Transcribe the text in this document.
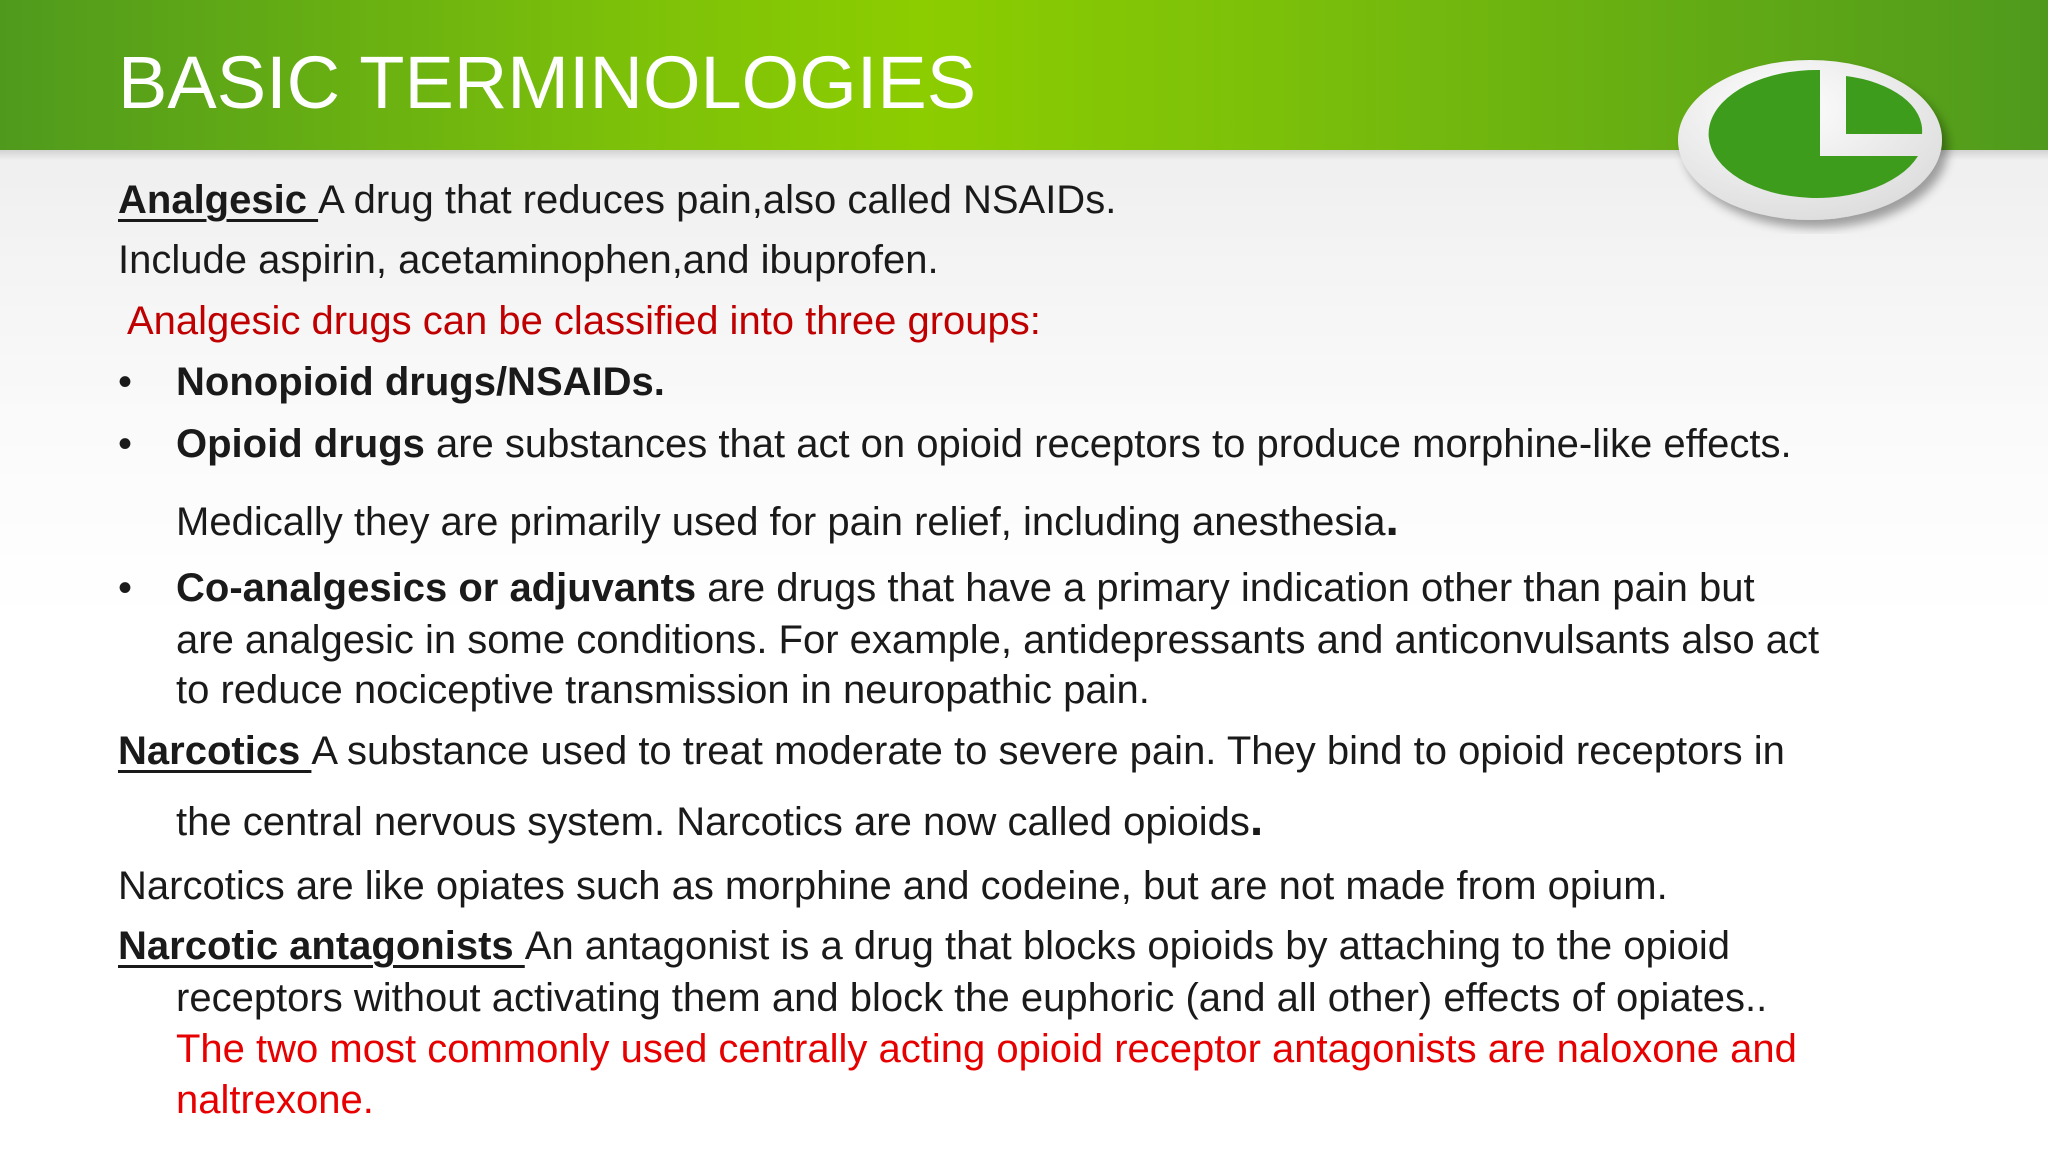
BASIC TERMINOLOGIES

Analgesic A drug that reduces pain,also called NSAIDs.

Include aspirin, acetaminophen,and ibuprofen.

Analgesic drugs can be classified into three groups:

• Nonopioid drugs/NSAIDs.

• Opioid drugs are substances that act on opioid receptors to produce morphine-like effects.

Medically they are primarily used for pain relief, including anesthesia.

• Co-analgesics or adjuvants are drugs that have a primary indication other than pain but

are analgesic in some conditions. For example, antidepressants and anticonvulsants also act

to reduce nociceptive transmission in neuropathic pain.

Narcotics A substance used to treat moderate to severe pain. They bind to opioid receptors in

the central nervous system. Narcotics are now called opioids.

Narcotics are like opiates such as morphine and codeine, but are not made from opium.

Narcotic antagonists An antagonist is a drug that blocks opioids by attaching to the opioid

receptors without activating them and block the euphoric (and all other) effects of opiates..

The two most commonly used centrally acting opioid receptor antagonists are naloxone and

naltrexone.
